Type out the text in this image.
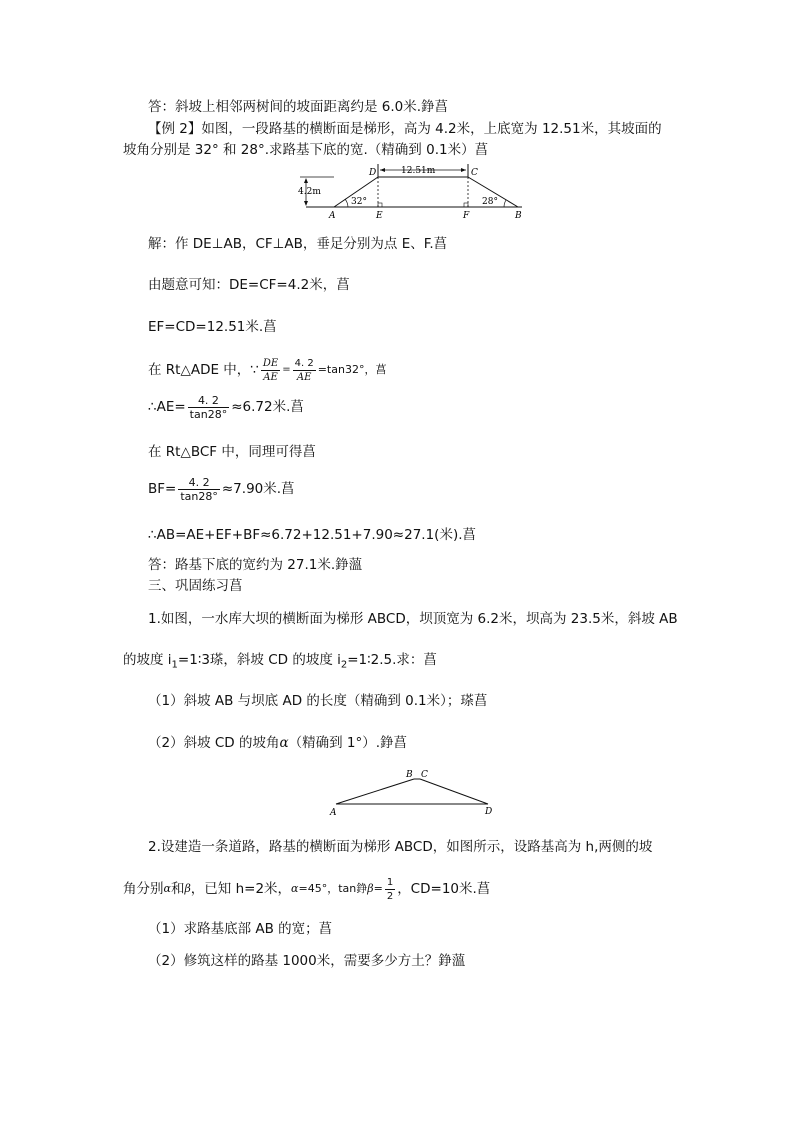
答：斜坡上相邻两树间的坡面距离约是 6.0米.錚菖
【例 2】如图，一段路基的横断面是梯形，高为 4.2米，上底宽为 12.51米，其坡面的
坡角分别是 32° 和 28°.求路基下底的宽.（精确到 0.1米）菖
12.51m
4.2m
32°	28°
A	E	F	B
D	C
解：作 DE⊥AB，CF⊥AB，垂足分别为点 E、F.菖
由题意可知：DE=CF=4.2米，菖
EF=CD=12.51米.菖
在 Rt△ADE 中，∵ $\frac{DE}{AE} = \frac{4. 2}{AE} =\tan 32^\circ$，菖
∴AE= $\frac{4. 2}{\tan 28^\circ} \approx 6.72$米.菖
在 Rt△BCF 中，同理可得菖
$BF= \frac{4. 2}{\tan 28^\circ} \approx 7.90$米.菖
∴AB=AE+EF+BF≈6.72+12.51+7.90≈27.1(米).菖
答：路基下底的宽约为 27.1米.錚薀
三、巩固练习菖
1.如图，一水库大坝的横断面为梯形 ABCD，坝顶宽为 6.2米，坝高为 23.5米，斜坡 AB
的坡度 $i_1=1∶3$瑹，斜坡 CD 的坡度 $i_2=1∶2.5$.求：菖
（1）斜坡 AB 与坝底 AD 的长度（精确到 0.1米）；瑹菖
（2）斜坡 CD 的坡角α（精确到 1°）.錚菖
A
B C
D
2.设建造一条道路，路基的横断面为梯形 ABCD，如图所示，设路基高为 h,两侧的坡
角分别 α 和 β ，已知 h=2米， α =45°，tan錚 $\beta = \frac{1}{2}$ ，CD=10米.菖
（1）求路基底部 AB 的宽；菖
（2）修筑这样的路基 1000米，需要多少方土？錚薀
